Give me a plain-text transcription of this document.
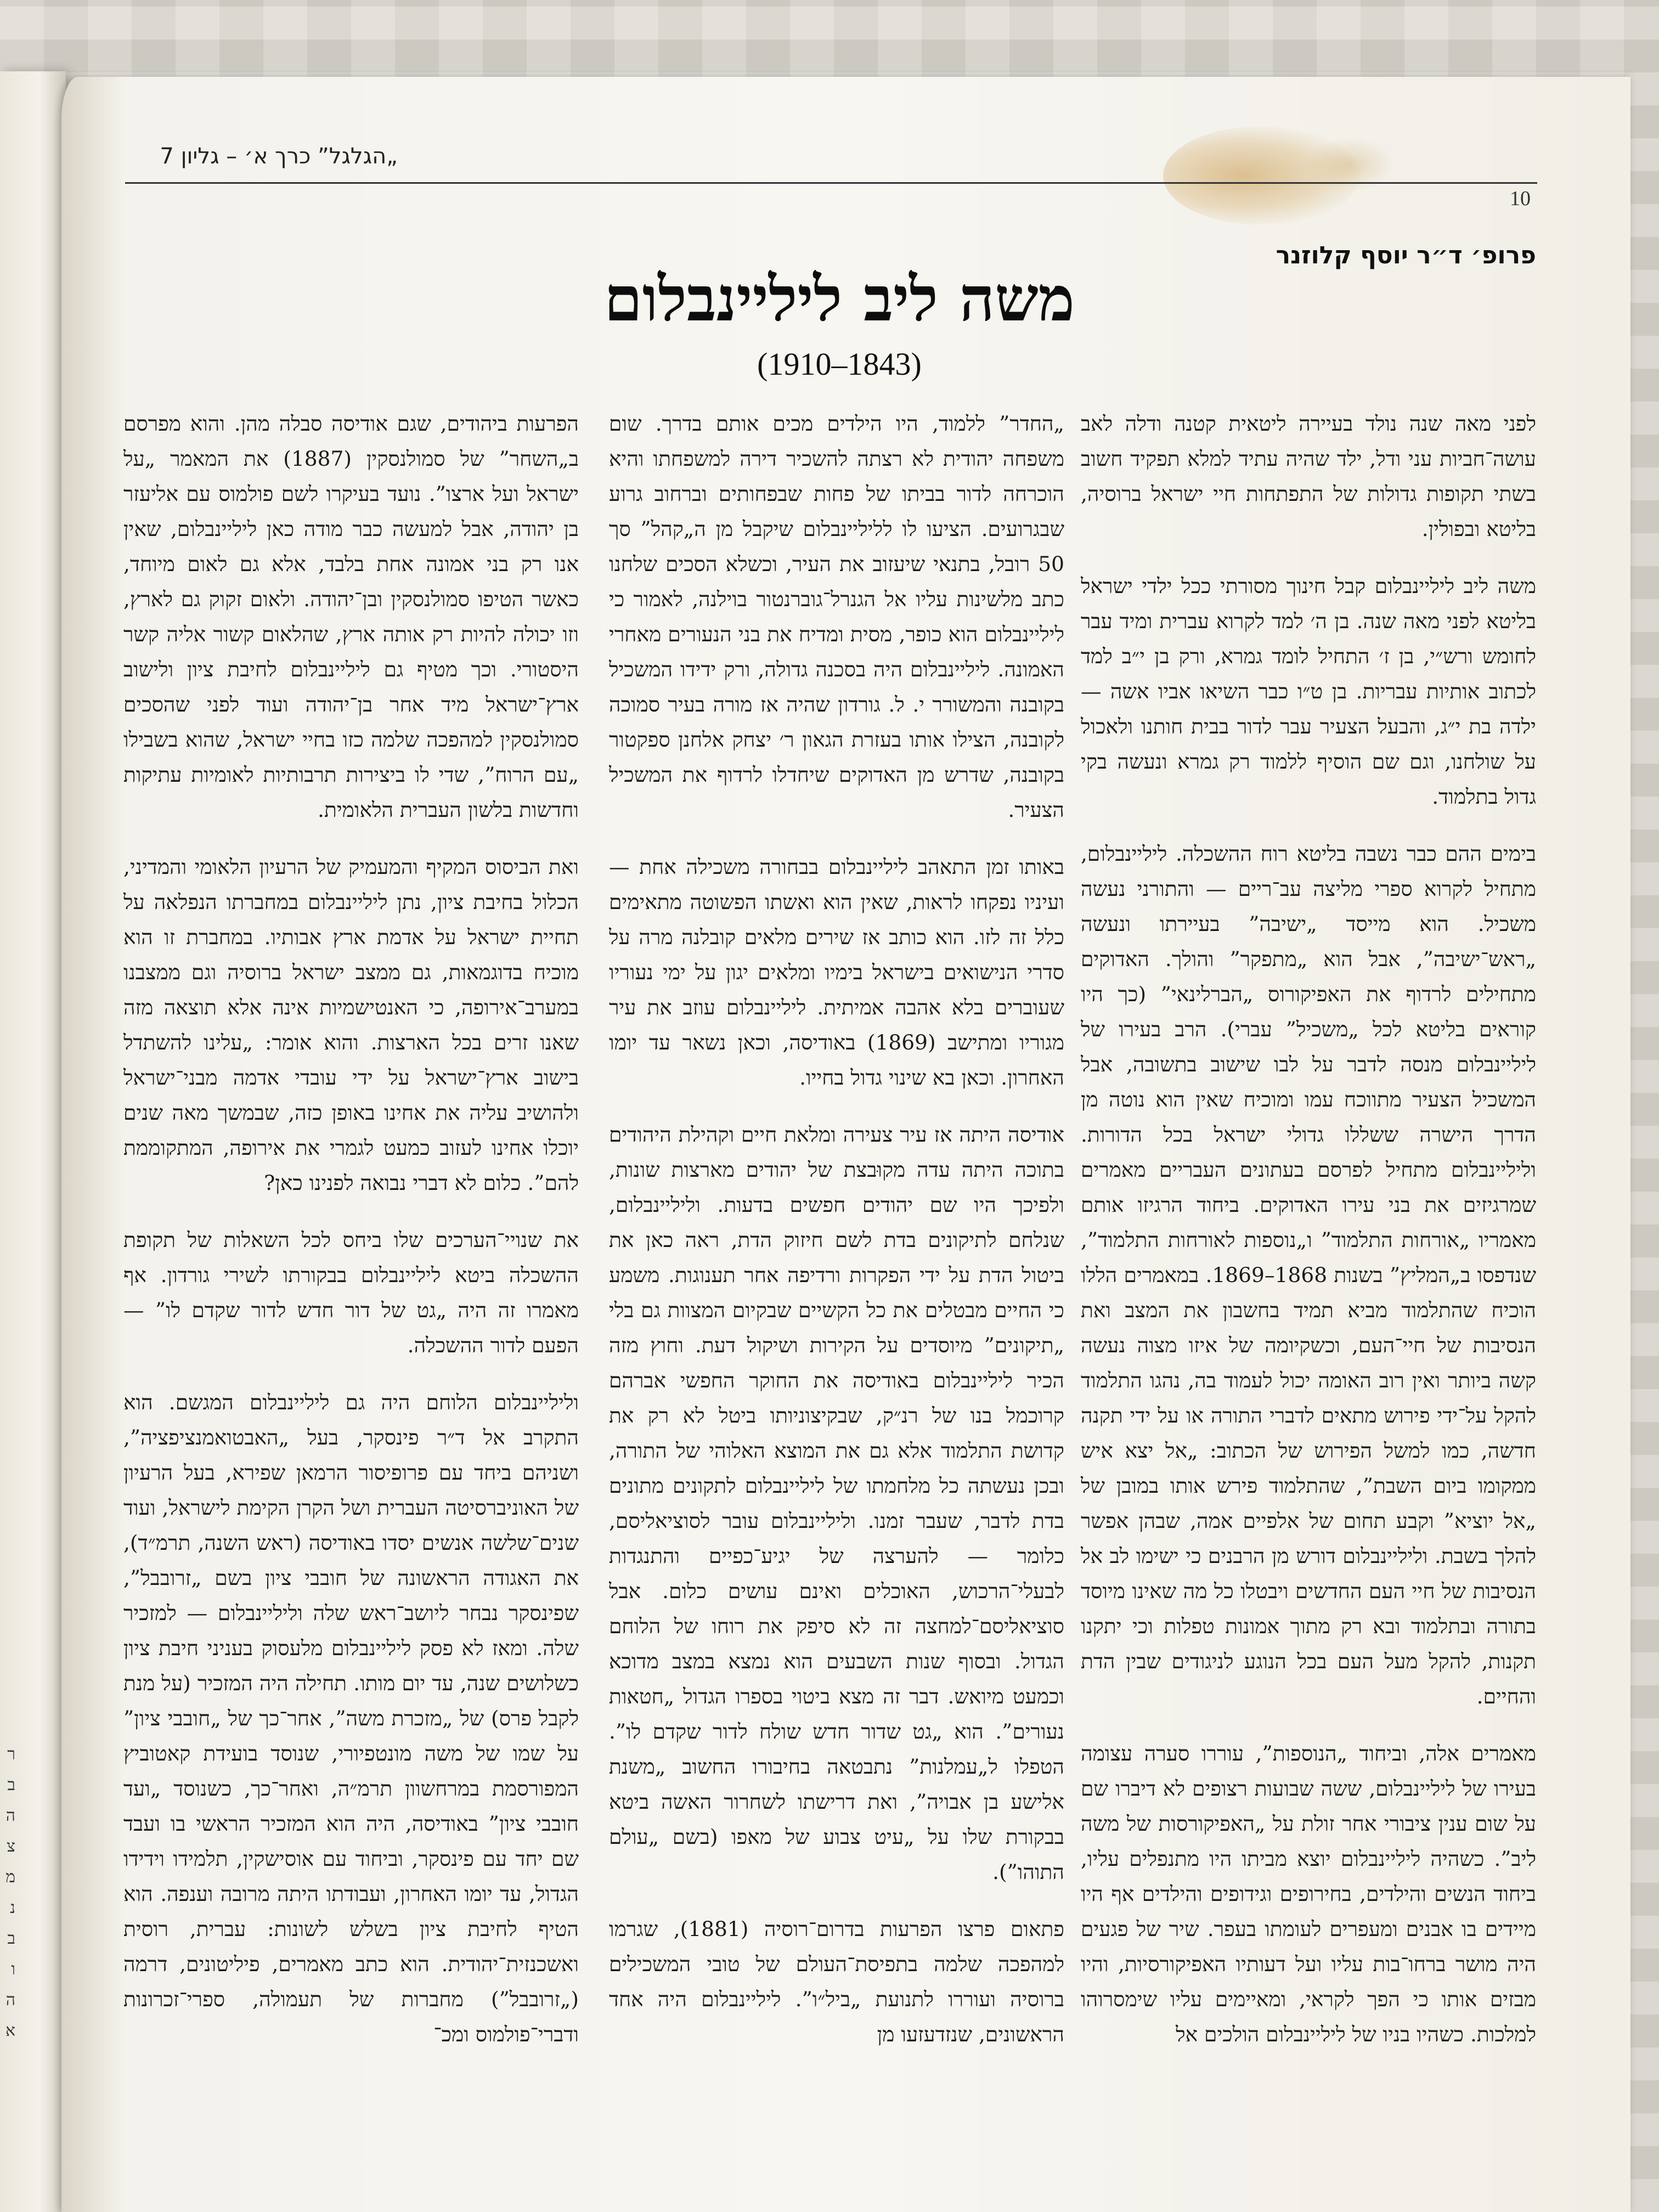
ר ב ה צ מ נ ב ו ה א
„הגלגל” כרך א׳ – גליון 7
10
פרופ׳ ד״ר יוסף קלוזנר
משה ליב ליליינבלום
(1910–1843)

לפני מאה שנה נולד בעיירה ליטאית קטנה ודלה לאב עושה־חביות עני ודל, ילד שהיה עתיד למלא תפקיד חשוב בשתי תקופות גדולות של התפתחות חיי ישראל ברוסיה, בליטא ובפולין.

משה ליב ליליינבלום קבל חינוך מסורתי ככל ילדי ישראל בליטא לפני מאה שנה. בן ה׳ למד לקרוא עברית ומיד עבר לחומש ורש״י, בן ז׳ התחיל לומד גמרא, ורק בן י״ב למד לכתוב אותיות עבריות. בן ט״ו כבר השיאו אביו אשה — ילדה בת י״ג, והבעל הצעיר עבר לדור בבית חותנו ולאכול על שולחנו, וגם שם הוסיף ללמוד רק גמרא ונעשה בקי גדול בתלמוד.

בימים ההם כבר נשבה בליטא רוח ההשכלה. ליליינבלום, מתחיל לקרוא ספרי מליצה עב־ריים — והתורני נעשה משכיל. הוא מייסד „ישיבה” בעיירתו ונעשה „ראש־ישיבה”, אבל הוא „מתפקר” והולך. האדוקים מתחילים לרדוף את האפיקורוס „הברלינאי” (כך היו קוראים בליטא לכל „משכיל” עברי). הרב בעירו של ליליינבלום מנסה לדבר על לבו שישוב בתשובה, אבל המשכיל הצעיר מתווכח עמו ומוכיח שאין הוא נוטה מן הדרך הישרה ששללו גדולי ישראל בכל הדורות. וליליינבלום מתחיל לפרסם בעתונים העבריים מאמרים שמרגיזים את בני עירו האדוקים. ביחוד הרגיזו אותם מאמריו „אורחות התלמוד” ו„נוספות לאורחות התלמוד”, שנדפסו ב„המליץ” בשנות 1868–1869. במאמרים הללו הוכיח שהתלמוד מביא תמיד בחשבון את המצב ואת הנסיבות של חיי־העם, וכשקיומה של איזו מצוה נעשה קשה ביותר ואין רוב האומה יכול לעמוד בה, נהגו התלמוד להקל על־ידי פירוש מתאים לדברי התורה או על ידי תקנה חדשה, כמו למשל הפירוש של הכתוב: „אל יצא איש ממקומו ביום השבת”, שהתלמוד פירש אותו במובן של „אל יוציא” וקבע תחום של אלפיים אמה, שבהן אפשר להלך בשבת. וליליינבלום דורש מן הרבנים כי ישימו לב אל הנסיבות של חיי העם החדשים ויבטלו כל מה שאינו מיוסד בתורה ובתלמוד ובא רק מתוך אמונות טפלות וכי יתקנו תקנות, להקל מעל העם בכל הנוגע לניגודים שבין הדת והחיים.

מאמרים אלה, וביחוד „הנוספות”, עוררו סערה עצומה בעירו של ליליינבלום, ששה שבועות רצופים לא דיברו שם על שום ענין ציבורי אחר זולת על „האפיקורסות של משה ליב”. כשהיה ליליינבלום יוצא מביתו היו מתנפלים עליו, ביחוד הנשים והילדים, בחירופים וגידופים והילדים אף היו מיידים בו אבנים ומעפרים לעומתו בעפר. שיר של פגעים היה מושר ברחו־בות עליו ועל דעותיו האפיקורסיות, והיו מבזים אותו כי הפך לקראי, ומאיימים עליו שימסרוהו למלכות. כשהיו בניו של ליליינבלום הולכים אל

„החדר” ללמוד, היו הילדים מכים אותם בדרך. שום משפחה יהודית לא רצתה להשכיר דירה למשפחתו והיא הוכרחה לדור בביתו של פחות שבפחותים וברחוב גרוע שבגרועים. הציעו לו לליליינבלום שיקבל מן ה„קהל” סך 50 רובל, בתנאי שיעזוב את העיר, וכשלא הסכים שלחנו כתב מלשינות עליו אל הגנרל־גוברנטור בוילנה, לאמור כי ליליינבלום הוא כופר, מסית ומדיח את בני הנעורים מאחרי האמונה. ליליינבלום היה בסכנה גדולה, ורק ידידו המשכיל בקובנה והמשורר י. ל. גורדון שהיה אז מורה בעיר סמוכה לקובנה, הצילו אותו בעזרת הגאון ר׳ יצחק אלחנן ספקטור בקובנה, שדרש מן האדוקים שיחדלו לרדוף את המשכיל הצעיר.

באותו זמן התאהב ליליינבלום בבחורה משכילה אחת — ועיניו נפקחו לראות, שאין הוא ואשתו הפשוטה מתאימים כלל זה לזו. הוא כותב אז שירים מלאים קובלנה מרה על סדרי הנישואים בישראל בימיו ומלאים יגון על ימי נעוריו שעוברים בלא אהבה אמיתית. ליליינבלום עוזב את עיר מגוריו ומתישב (1869) באודיסה, וכאן נשאר עד יומו האחרון. וכאן בא שינוי גדול בחייו.

אודיסה היתה אז עיר צעירה ומלאת חיים וקהילת היהודים בתוכה היתה עדה מקוּבצת של יהודים מארצות שונות, ולפיכך היו שם יהודים חפשים בדעות. וליליינבלום, שנלחם לתיקונים בדת לשם חיזוק הדת, ראה כאן את ביטול הדת על ידי הפקרות ורדיפה אחר תענוגות. משמע כי החיים מבטלים את כל הקשיים שבקיום המצוות גם בלי „תיקונים” מיוסדים על הקירות ושיקול דעת. וחוץ מזה הכיר ליליינבלום באודיסה את החוקר החפשי אברהם קרוכמל בנו של רנ״ק, שבקיצוניותו ביטל לא רק את קדושת התלמוד אלא גם את המוצא האלוהי של התורה, ובכן נעשתה כל מלחמתו של ליליינבלום לתקונים מתונים בדת לדבר, שעבר זמנו. וליליינבלום עובר לסוציאליסם, כלומר — להערצה של יגיע־כפיים והתנגדות לבעלי־הרכוש, האוכלים ואינם עושים כלום. אבל סוציאליסם־למחצה זה לא סיפק את רוחו של הלוחם הגדול. ובסוף שנות השבעים הוא נמצא במצב מדוכא וכמעט מיואש. דבר זה מצא ביטוי בספרו הגדול „חטאות נעורים”. הוא „גט שדור חדש שולח לדור שקדם לו”. הטפלו ל„עמלנות” נתבטאה בחיבורו החשוב „משנת אלישע בן אבויה”, ואת דרישתו לשחרור האשה ביטא בבקורת שלו על „עיט צבוע של מאפו (בשם „עולם התוהו”).

פתאום פרצו הפרעות בדרום־רוסיה (1881), שגרמו למהפכה שלמה בתפיסת־העולם של טובי המשכילים ברוסיה ועוררו לתנועת „ביל״ו”. ליליינבלום היה אחד הראשונים, שנזדעזעו מן

הפרעות ביהודים, שגם אודיסה סבלה מהן. והוא מפרסם ב„השחר” של סמולנסקין (1887) את המאמר „על ישראל ועל ארצו”. נועד בעיקרו לשם פולמוס עם אליעזר בן יהודה, אבל למעשה כבר מודה כאן ליליינבלום, שאין אנו רק בני אמונה אחת בלבד, אלא גם לאום מיוחד, כאשר הטיפו סמולנסקין ובן־יהודה. ולאום זקוק גם לארץ, וזו יכולה להיות רק אותה ארץ, שהלאום קשור אליה קשר היסטורי. וכך מטיף גם ליליינבלום לחיבת ציון ולישוב ארץ־ישראל מיד אחר בן־יהודה ועוד לפני שהסכים סמולנסקין למהפכה שלמה כזו בחיי ישראל, שהוא בשבילו „עם הרוח”, שדי לו ביצירות תרבותיות לאומיות עתיקות וחדשות בלשון העברית הלאומית.

ואת הביסוס המקיף והמעמיק של הרעיון הלאומי והמדיני, הכלול בחיבת ציון, נתן ליליינבלום במחברתו הנפלאה על תחיית ישראל על אדמת ארץ אבותיו. במחברת זו הוא מוכיח בדוגמאות, גם ממצב ישראל ברוסיה וגם ממצבנו במערב־אירופה, כי האנטישמיות אינה אלא תוצאה מזה שאנו זרים בכל הארצות. והוא אומר: „עלינו להשתדל בישוב ארץ־ישראל על ידי עובדי אדמה מבני־ישראל ולהושיב עליה את אחינו באופן כזה, שבמשך מאה שנים יוכלו אחינו לעזוב כמעט לגמרי את אירופה, המתקוממת להם”. כלום לא דברי נבואה לפנינו כאן?

את שנויי־הערכים שלו ביחס לכל השאלות של תקופת ההשכלה ביטא ליליינבלום בבקורתו לשירי גורדון. אף מאמרו זה היה „גט של דור חדש לדור שקדם לו” — הפעם לדור ההשכלה.

וליליינבלום הלוחם היה גם ליליינבלום המגשם. הוא התקרב אל ד״ר פינסקר, בעל „האבטואמנציפציה”, ושניהם ביחד עם פרופיסור הרמאן שפירא, בעל הרעיון של האוניברסיטה העברית ושל הקרן הקימת לישראל, ועוד שנים־שלשה אנשים יסדו באודיסה (ראש השנה, תרמ״ד), את האגודה הראשונה של חובבי ציון בשם „זרובבל”, שפינסקר נבחר ליושב־ראש שלה וליליינבלום — למזכיר שלה. ומאז לא פסק ליליינבלום מלעסוק בעניני חיבת ציון כשלושים שנה, עד יום מותו. תחילה היה המזכיר (על מנת לקבל פרס) של „מזכרת משה”, אחר־כך של „חובבי ציון” על שמו של משה מונטפיורי, שנוסד בועידת קאטוביץ המפורסמת במרחשוון תרמ״ה, ואחר־כך, כשנוסד „ועד חובבי ציון” באודיסה, היה הוא המזכיר הראשי בו ועבד שם יחד עם פינסקר, וביחוד עם אוסישקין, תלמידו וידידו הגדול, עד יומו האחרון, ועבודתו היתה מרובה וענפה. הוא הטיף לחיבת ציון בשלש לשונות: עברית, רוסית ואשכנזית־יהודית. הוא כתב מאמרים, פיליטונים, דרמה („זרובבל”) מחברות של תעמולה, ספרי־זכרונות ודברי־פולמוס ומכ־
